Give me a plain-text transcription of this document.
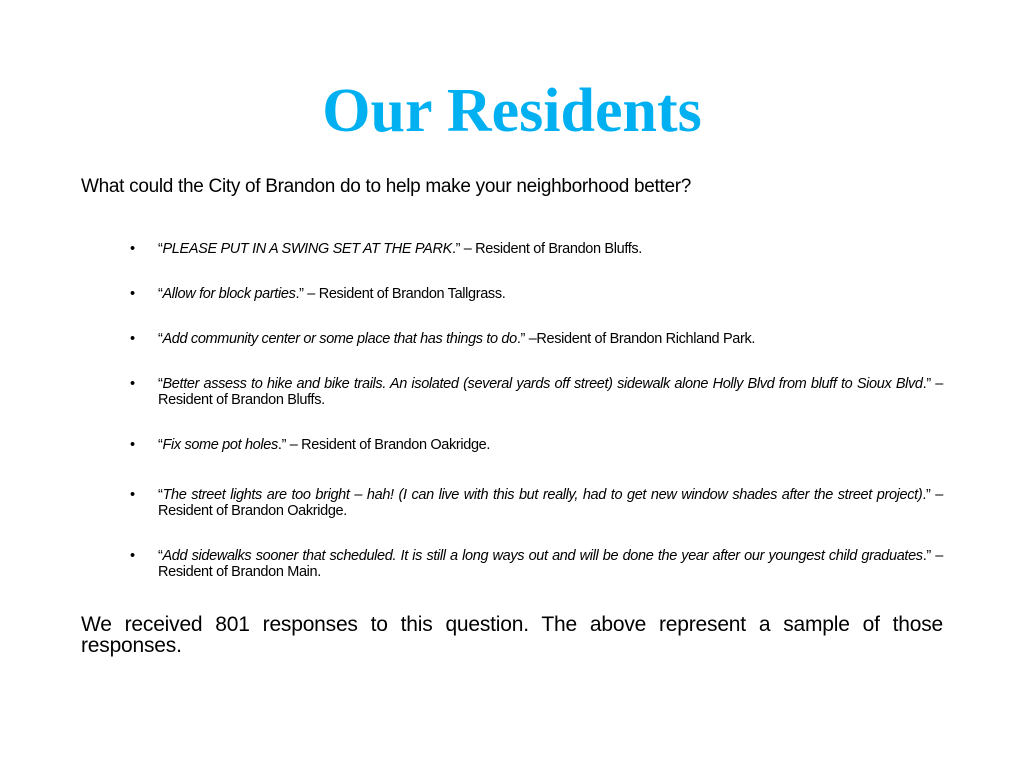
Our Residents
What could the City of Brandon do to help make your neighborhood better?
• “PLEASE PUT IN A SWING SET AT THE PARK.” – Resident of Brandon Bluffs.
• “Allow for block parties.” – Resident of Brandon Tallgrass.
• “Add community center or some place that has things to do.” –Resident of Brandon Richland Park.
• “Better assess to hike and bike trails. An isolated (several yards off street) sidewalk alone Holly Blvd from bluff to Sioux Blvd.” – Resident of Brandon Bluffs.
• “Fix some pot holes.” – Resident of Brandon Oakridge.
• “The street lights are too bright – hah! (I can live with this but really, had to get new window shades after the street project).” – Resident of Brandon Oakridge.
• “Add sidewalks sooner that scheduled. It is still a long ways out and will be done the year after our youngest child graduates.” – Resident of Brandon Main.
We received 801 responses to this question. The above represent a sample of those responses.
